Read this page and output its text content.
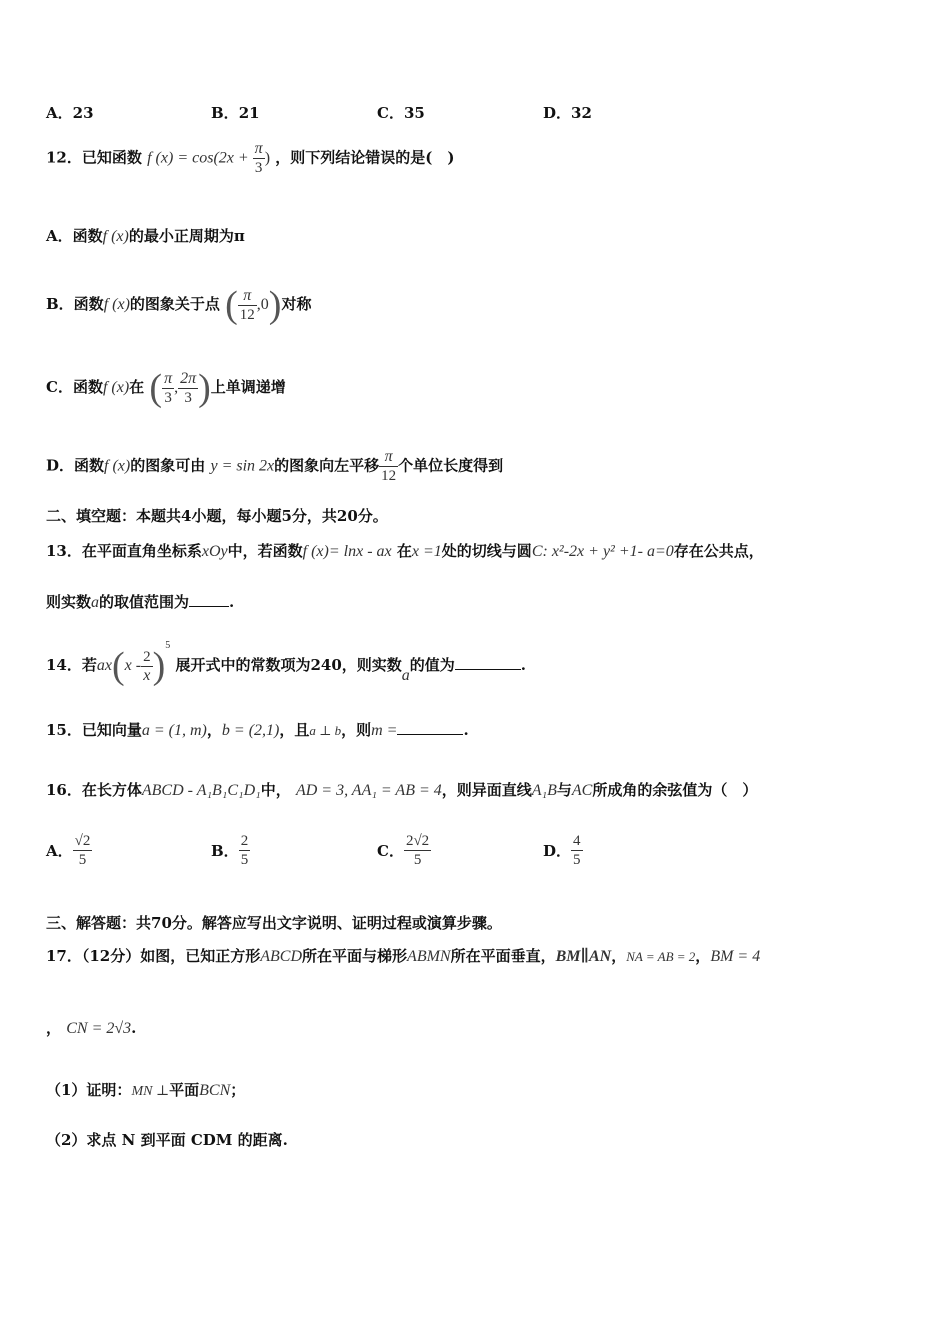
A．23	B．21	C．35	D．32
12．已知函数 f $(x) = \cos(2x + \frac{\pi}{3}$ ) ，则下列结论错误的是(　)
A．函数f (x)的最小正周期为π
B．函数f (x)的图象关于点 ( $\frac{\pi}{12} ,0$)对称
C．函数f (x)在 ( $\frac{\pi}{3}$ , $\frac{2\pi}{3}$ )上单调递增
D．函数f (x)的图象可由 y = sin 2x的图象向左平移 $\frac{\pi}{12}$ 个单位长度得到
二、填空题：本题共4小题，每小题5分，共20分。
13．在平面直角坐标系xOy中，若函数f (x)= lnx - ax 在x =1处的切线与圆C: x²-2x + y² +1- a=0存在公共点，
则实数a的取值范围为	.
14．若$ax(x - \frac{2}{x} )^5$ 展开式中的常数项为240，则实数a的值为	.
15．已知向量a = (1, m)，b = (2,1)，且a ⊥ b，则m =	.
16．在长方体ABCD - A₁B₁C₁D₁中， AD = 3, AA₁ = AB = 4，则异面直线A₁B与AC所成角的余弦值为（　）
A． $\frac{√2}{5}$	B． $\frac{2}{5}$	C． $\frac{2√2}{5}$	D． $\frac{4}{5}$
三、解答题：共70分。解答应写出文字说明、证明过程或演算步骤。
17．（12分）如图，已知正方形ABCD所在平面与梯形ABMN所在平面垂直，BM∥AN，NA = AB = 2，BM = 4
， CN = 2√3.
（1）证明：MN ⊥平面BCN；
（2）求点 N 到平面 CDM 的距离.
